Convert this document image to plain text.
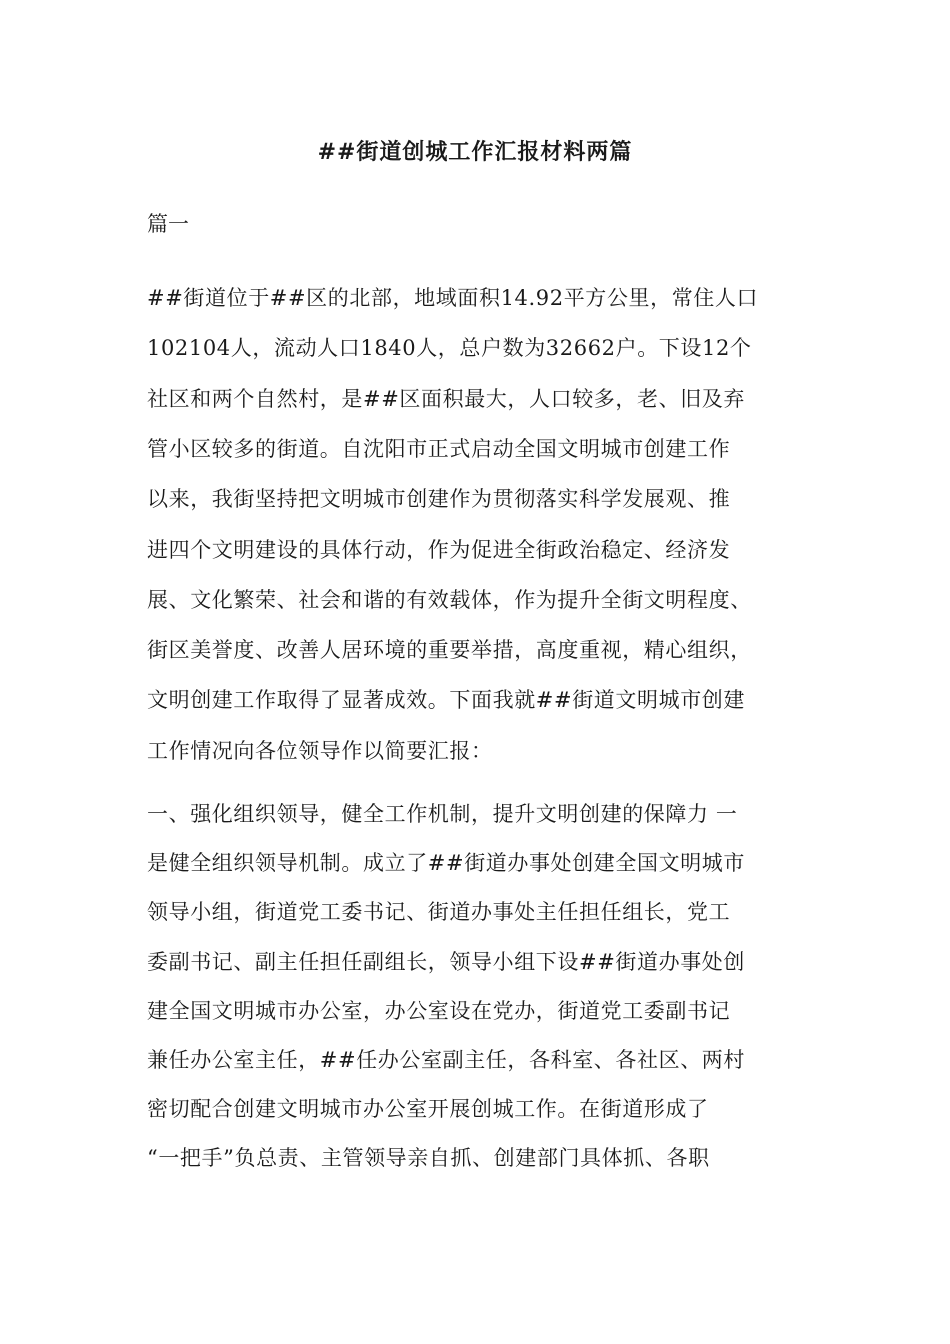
##街道创城工作汇报材料两篇
篇一
##街道位于##区的北部，地域面积14.92平方公里，常住人口
102104人，流动人口1840人，总户数为32662户。下设12个
社区和两个自然村，是##区面积最大，人口较多，老、旧及弃
管小区较多的街道。自沈阳市正式启动全国文明城市创建工作
以来，我街坚持把文明城市创建作为贯彻落实科学发展观、推
进四个文明建设的具体行动，作为促进全街政治稳定、经济发
展、文化繁荣、社会和谐的有效载体，作为提升全街文明程度、
街区美誉度、改善人居环境的重要举措，高度重视，精心组织，
文明创建工作取得了显著成效。下面我就##街道文明城市创建
工作情况向各位领导作以简要汇报：
一、强化组织领导，健全工作机制，提升文明创建的保障力 一
是健全组织领导机制。成立了##街道办事处创建全国文明城市
领导小组，街道党工委书记、街道办事处主任担任组长，党工
委副书记、副主任担任副组长，领导小组下设##街道办事处创
建全国文明城市办公室，办公室设在党办，街道党工委副书记
兼任办公室主任，##任办公室副主任，各科室、各社区、两村
密切配合创建文明城市办公室开展创城工作。在街道形成了
“一把手”负总责、主管领导亲自抓、创建部门具体抓、各职
